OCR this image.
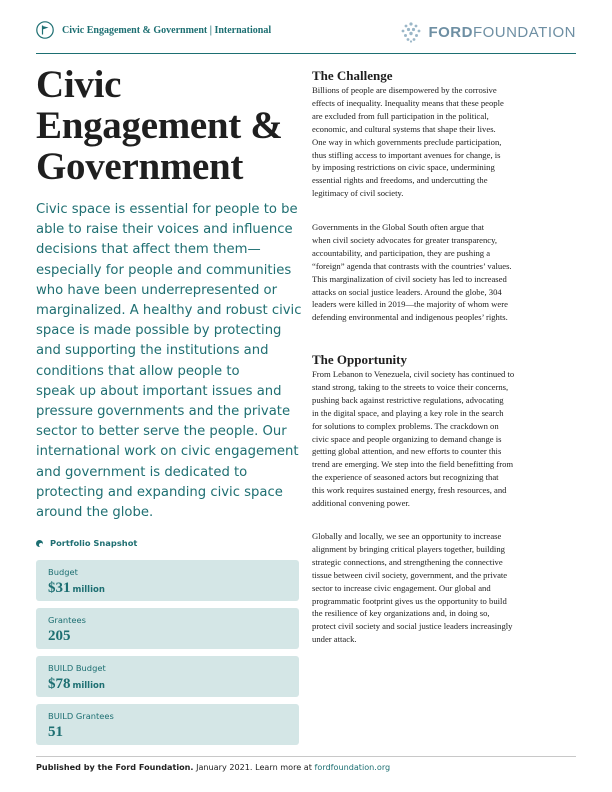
Civic Engagement & Government | International	FORDFOUNDATION
Civic
Engagement &
Government

Civic space is essential for people to be
able to raise their voices and influence
decisions that affect them them—
especially for people and communities
who have been underrepresented or
marginalized. A healthy and robust civic
space is made possible by protecting
and supporting the institutions and
conditions that allow people to
speak up about important issues and
pressure governments and the private
sector to better serve the people. Our
international work on civic engagement
and government is dedicated to
protecting and expanding civic space
around the globe.

Portfolio Snapshot
Budget
$31 million
Grantees
205
BUILD Budget
$78 million
BUILD Grantees
51
The Challenge

Billions of people are disempowered by the corrosive
effects of inequality. Inequality means that these people
are excluded from full participation in the political,
economic, and cultural systems that shape their lives.
One way in which governments preclude participation,
thus stifling access to important avenues for change, is
by imposing restrictions on civic space, undermining
essential rights and freedoms, and undercutting the
legitimacy of civil society.

Governments in the Global South often argue that
when civil society advocates for greater transparency,
accountability, and participation, they are pushing a
“foreign” agenda that contrasts with the countries’ values.
This marginalization of civil society has led to increased
attacks on social justice leaders. Around the globe, 304
leaders were killed in 2019—the majority of whom were
defending environmental and indigenous peoples’ rights.

The Opportunity

From Lebanon to Venezuela, civil society has continued to
stand strong, taking to the streets to voice their concerns,
pushing back against restrictive regulations, advocating
in the digital space, and playing a key role in the search
for solutions to complex problems. The crackdown on
civic space and people organizing to demand change is
getting global attention, and new efforts to counter this
trend are emerging. We step into the field benefitting from
the experience of seasoned actors but recognizing that
this work requires sustained energy, fresh resources, and
additional convening power.

Globally and locally, we see an opportunity to increase
alignment by bringing critical players together, building
strategic connections, and strengthening the connective
tissue between civil society, government, and the private
sector to increase civic engagement. Our global and
programmatic footprint gives us the opportunity to build
the resilience of key organizations and, in doing so,
protect civil society and social justice leaders increasingly
under attack.

Published by the Ford Foundation. January 2021. Learn more at fordfoundation.org
